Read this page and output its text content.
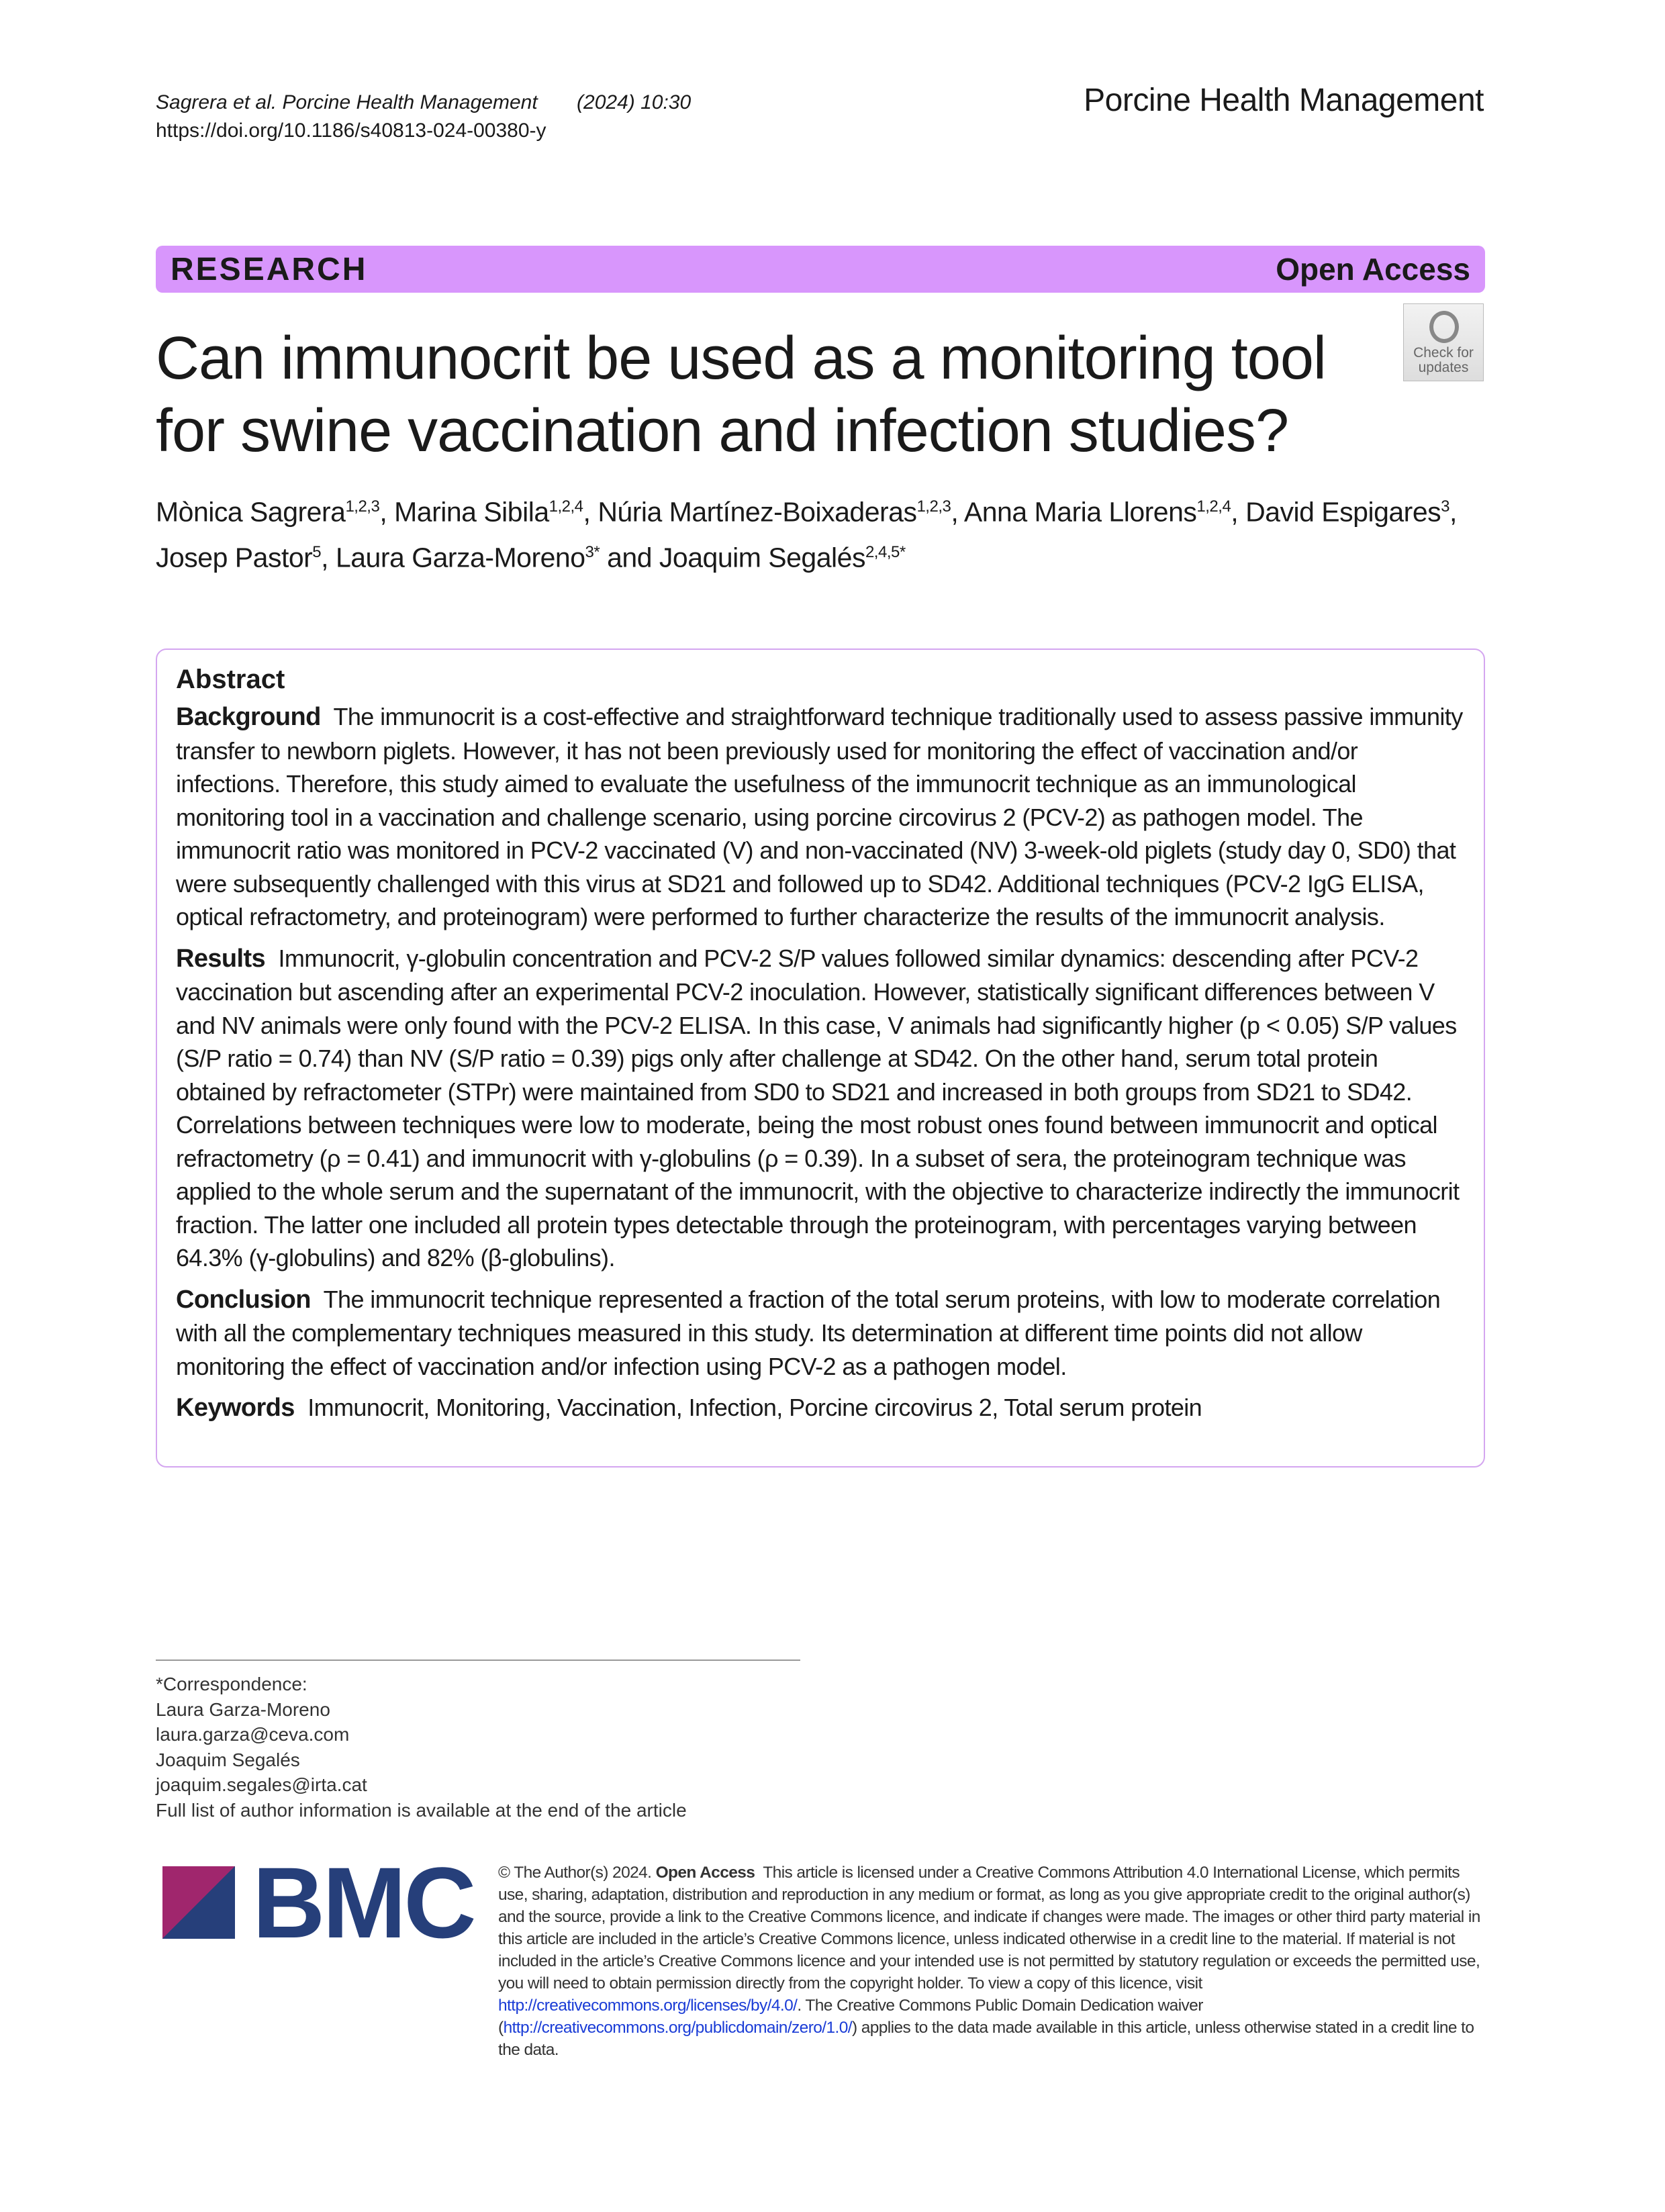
Sagrera et al. Porcine Health Management (2024) 10:30
https://doi.org/10.1186/s40813-024-00380-y
Porcine Health Management
RESEARCH	Open Access
Can immunocrit be used as a monitoring tool for swine vaccination and infection studies?
Check for updates
Mònica Sagrera$^{1,2,3}$, Marina Sibila$^{1,2,4}$, Núria Martínez‑Boixaderas$^{1,2,3}$, Anna Maria Llorens$^{1,2,4}$, David Espigares$^3$, Josep Pastor$^5$, Laura Garza‑Moreno$^{3*}$ and Joaquim Segalés$^{2,4,5*}$
Abstract

Background The immunocrit is a cost-effective and straightforward technique traditionally used to assess passive immunity transfer to newborn piglets. However, it has not been previously used for monitoring the effect of vaccination and/or infections. Therefore, this study aimed to evaluate the usefulness of the immunocrit technique as an immunological monitoring tool in a vaccination and challenge scenario, using porcine circovirus 2 (PCV-2) as pathogen model. The immunocrit ratio was monitored in PCV-2 vaccinated (V) and non-vaccinated (NV) 3-week-old piglets (study day 0, SD0) that were subsequently challenged with this virus at SD21 and followed up to SD42. Additional techniques (PCV-2 IgG ELISA, optical refractometry, and proteinogram) were performed to further characterize the results of the immunocrit analysis.

Results Immunocrit, γ-globulin concentration and PCV-2 S/P values followed similar dynamics: descending after PCV-2 vaccination but ascending after an experimental PCV-2 inoculation. However, statistically significant differences between V and NV animals were only found with the PCV-2 ELISA. In this case, V animals had significantly higher (p < 0.05) S/P values (S/P ratio = 0.74) than NV (S/P ratio = 0.39) pigs only after challenge at SD42. On the other hand, serum total protein obtained by refractometer (STPr) were maintained from SD0 to SD21 and increased in both groups from SD21 to SD42. Correlations between techniques were low to moderate, being the most robust ones found between immunocrit and optical refractometry (ρ = 0.41) and immunocrit with γ-globulins (ρ = 0.39). In a subset of sera, the proteinogram technique was applied to the whole serum and the supernatant of the immunocrit, with the objective to characterize indirectly the immunocrit fraction. The latter one included all protein types detectable through the proteinogram, with percentages varying between 64.3% (γ-globulins) and 82% (β-globulins).

Conclusion The immunocrit technique represented a fraction of the total serum proteins, with low to moderate correlation with all the complementary techniques measured in this study. Its determination at different time points did not allow monitoring the effect of vaccination and/or infection using PCV-2 as a pathogen model.

Keywords Immunocrit, Monitoring, Vaccination, Infection, Porcine circovirus 2, Total serum protein

*Correspondence:
Laura Garza-Moreno
laura.garza@ceva.com
Joaquim Segalés
joaquim.segales@irta.cat
Full list of author information is available at the end of the article
BMC © The Author(s) 2024. Open Access This article is licensed under a Creative Commons Attribution 4.0 International License, which permits use, sharing, adaptation, distribution and reproduction in any medium or format, as long as you give appropriate credit to the original author(s) and the source, provide a link to the Creative Commons licence, and indicate if changes were made. The images or other third party material in this article are included in the article’s Creative Commons licence, unless indicated otherwise in a credit line to the material. If material is not included in the article’s Creative Commons licence and your intended use is not permitted by statutory regulation or exceeds the permitted use, you will need to obtain permission directly from the copyright holder. To view a copy of this licence, visit http://creativecommons.org/licenses/by/4.0/. The Creative Commons Public Domain Dedication waiver (http://creativecommons.org/publicdomain/zero/1.0/) applies to the data made available in this article, unless otherwise stated in a credit line to the data.
